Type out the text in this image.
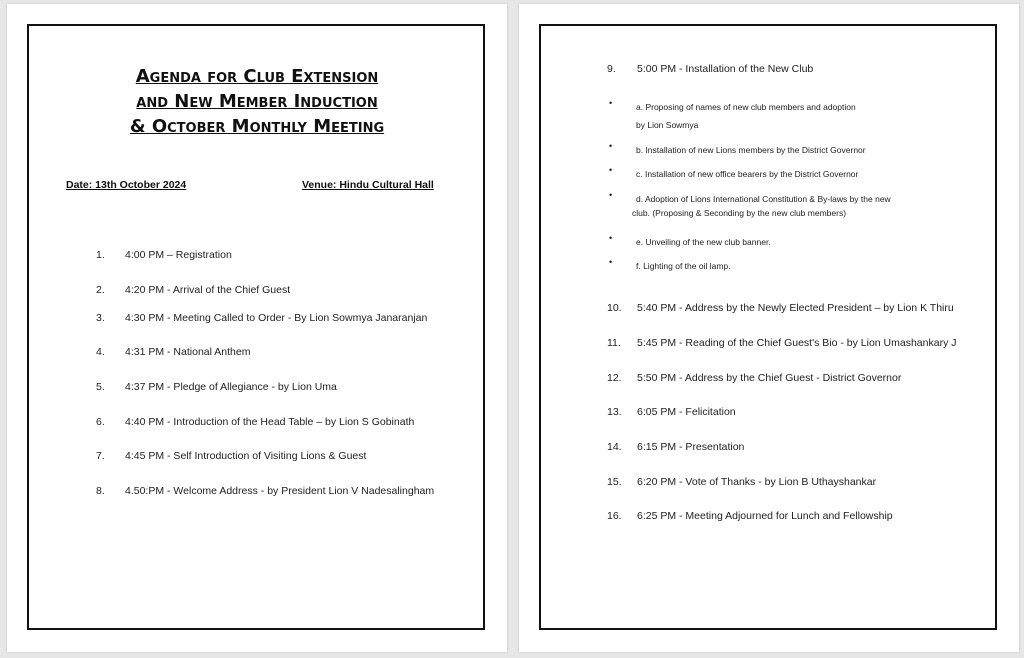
Agenda for Club Extension
and New Member Induction
& October Monthly Meeting
Date: 13th October 2024	Venue: Hindu Cultural Hall
1. 4:00 PM – Registration
2. 4:20 PM - Arrival of the Chief Guest
3. 4:30 PM - Meeting Called to Order - By Lion Sowmya Janaranjan
4. 4:31 PM - National Anthem
5. 4:37 PM - Pledge of Allegiance - by Lion Uma
6. 4:40 PM - Introduction of the Head Table – by Lion S Gobinath
7. 4:45 PM - Self Introduction of Visiting Lions & Guest
8. 4.50:PM - Welcome Address - by President Lion V Nadesalingham
9. 5:00 PM - Installation of the New Club
•	a. Proposing of names of new club members and adoption
by Lion Sowmya
•	b. Installation of new Lions members by the District Governor
•	c. Installation of new office bearers by the District Governor
•	d. Adoption of Lions International Constitution & By-laws by the new
club. (Proposing & Seconding by the new club members)
•	e. Unveiling of the new club banner.
•	f. Lighting of the oil lamp.
10. 5:40 PM - Address by the Newly Elected President – by Lion K Thiru
11. 5:45 PM - Reading of the Chief Guest's Bio - by Lion Umashankary J
12. 5:50 PM - Address by the Chief Guest - District Governor
13. 6:05 PM - Felicitation
14. 6:15 PM - Presentation
15. 6:20 PM - Vote of Thanks - by Lion B Uthayshankar
16. 6:25 PM - Meeting Adjourned for Lunch and Fellowship
